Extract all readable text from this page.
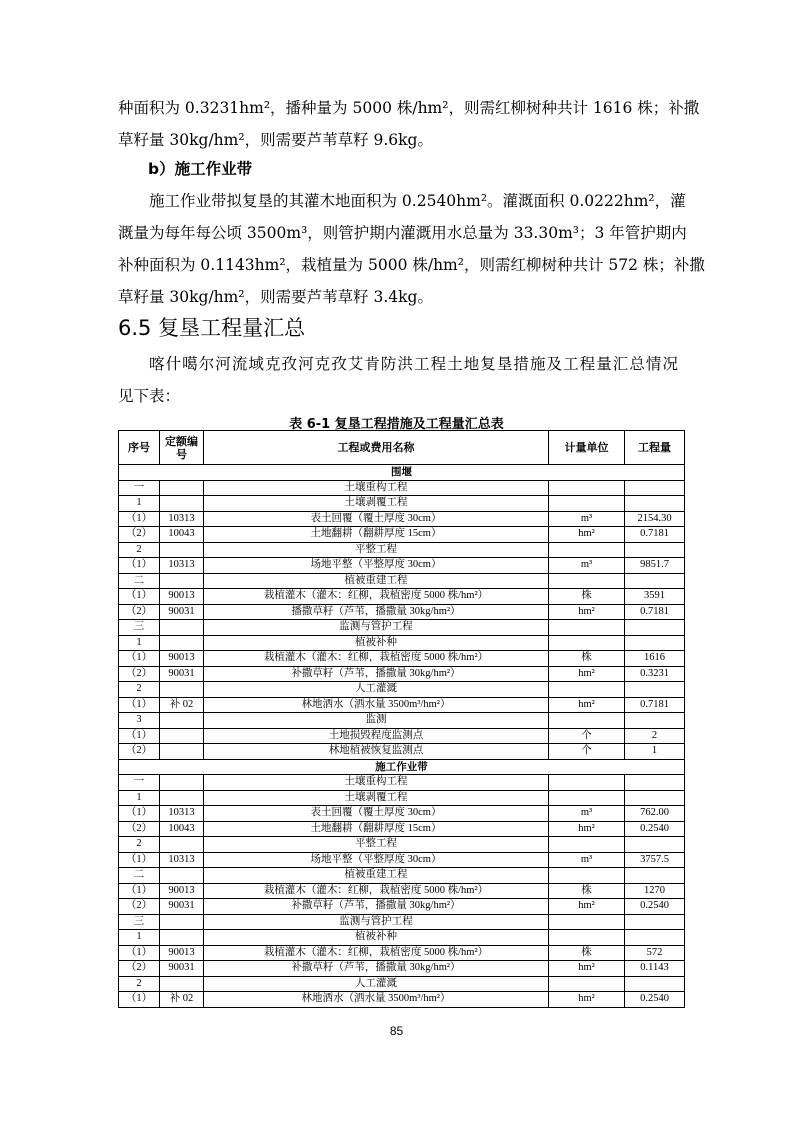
种面积为 0.3231hm²，播种量为 5000 株/hm²，则需红柳树种共计 1616 株；补撒
草籽量 30kg/hm²，则需要芦苇草籽 9.6kg。

b）施工作业带

施工作业带拟复垦的其灌木地面积为 0.2540hm²。灌溉面积 0.0222hm²，灌
溉量为每年每公顷 3500m³，则管护期内灌溉用水总量为 33.30m³；3 年管护期内
补种面积为 0.1143hm²，栽植量为 5000 株/hm²，则需红柳树种共计 572 株；补撒
草籽量 30kg/hm²，则需要芦苇草籽 3.4kg。

6.5 复垦工程量汇总

喀什噶尔河流域克孜河克孜艾肯防洪工程土地复垦措施及工程量汇总情况
见下表：

表 6-1 复垦工程措施及工程量汇总表
序号	定额编号	工程或费用名称	计量单位	工程量
围堰				
一		土壤重构工程		
1		土壤剥覆工程		
（1）	10313	表土回覆（覆土厚度 30cm）	m³	2154.30
（2）	10043	土地翻耕（翻耕厚度 15cm）	hm²	0.7181
2		平整工程		
（1）	10313	场地平整（平整厚度 30cm）	m³	9851.7
二		植被重建工程		
（1）	90013	栽植灌木（灌木：红柳，栽植密度 5000 株/hm²）	株	3591
（2）	90031	播撒草籽（芦苇，播撒量 30kg/hm²）	hm²	0.7181
三		监测与管护工程		
1		植被补种		
（1）	90013	栽植灌木（灌木：红柳，栽植密度 5000 株/hm²）	株	1616
（2）	90031	补撒草籽（芦苇，播撒量 30kg/hm²）	hm²	0.3231
2		人工灌溉		
（1）	补 02	林地洒水（洒水量 3500m³/hm²）	hm²	0.7181
3		监测		
（1）		土地损毁程度监测点	个	2
（2）		林地植被恢复监测点	个	1
施工作业带				
一		土壤重构工程		
1		土壤剥覆工程		
（1）	10313	表土回覆（覆土厚度 30cm）	m³	762.00
（2）	10043	土地翻耕（翻耕厚度 15cm）	hm²	0.2540
2		平整工程		
（1）	10313	场地平整（平整厚度 30cm）	m³	3757.5
二		植被重建工程		
（1）	90013	栽植灌木（灌木：红柳，栽植密度 5000 株/hm²）	株	1270
（2）	90031	补撒草籽（芦苇，播撒量 30kg/hm²）	hm²	0.2540
三		监测与管护工程		
1		植被补种		
（1）	90013	栽植灌木（灌木：红柳，栽植密度 5000 株/hm²）	株	572
（2）	90031	补撒草籽（芦苇，播撒量 30kg/hm²）	hm²	0.1143
2		人工灌溉		
（1）	补 02	林地洒水（洒水量 3500m³/hm²）	hm²	0.2540
85
